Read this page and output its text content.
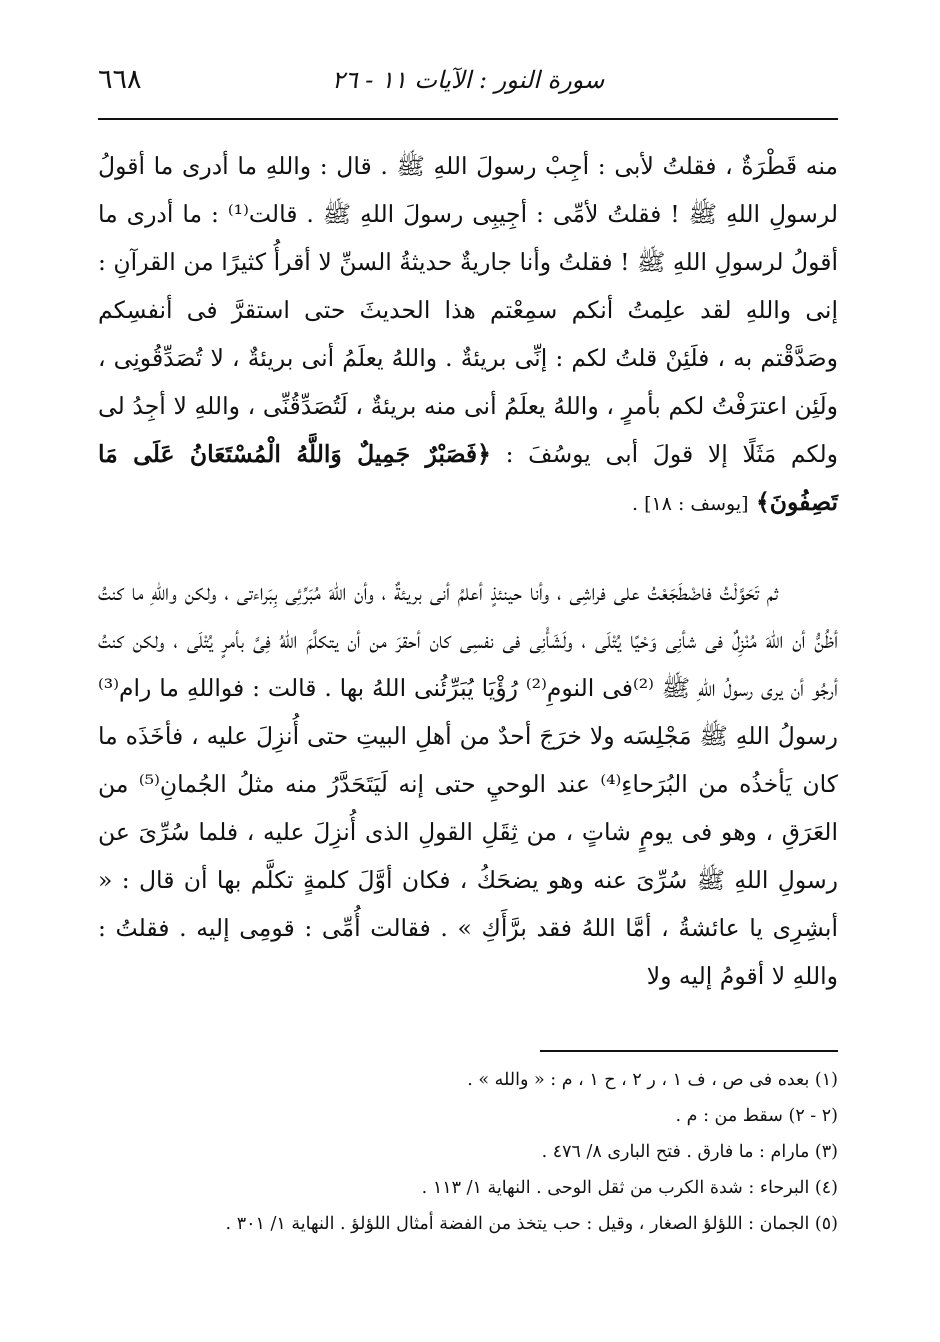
سورة النور : الآيات ١١ - ٢٦
٦٦٨

منه قَطْرَةٌ ، فقلتُ لأبى : أجِبْ رسولَ اللهِ ﷺ . قال : واللهِ ما أدرى ما أقولُ لرسولِ اللهِ ﷺ ! فقلتُ لأمِّى : أجِيبِى رسولَ اللهِ ﷺ . قالت⁽¹⁾ : ما أدرى ما أقولُ لرسولِ اللهِ ﷺ ! فقلتُ وأنا جاريةٌ حديثةُ السنِّ لا أقرأُ كثيرًا من القرآنِ : إنى واللهِ لقد علِمتُ أنكم سمِعْتم هذا الحديثَ حتى استقرَّ فى أنفسِكم وصَدَّقْتم به ، فلَئِنْ قلتُ لكم : إنِّى بريئةٌ . واللهُ يعلَمُ أنى بريئةٌ ، لا تُصَدِّقُونِى ، ولَئِن اعترَفْتُ لكم بأمرٍ ، واللهُ يعلَمُ أنى منه بريئةٌ ، لَتُصَدِّقُنِّى ، واللهِ لا أجِدُ لى ولكم مَثَلًا إلا قولَ أبى يوسُفَ : ﴿فَصَبْرٌ جَمِيلٌ وَاللَّهُ الْمُسْتَعَانُ عَلَى مَا تَصِفُونَ﴾ [يوسف : ١٨] .

ثم تَحَوَّلْتُ فاضْطَجَعْتُ على فراشِى ، وأنا حينئذٍ أعلمُ أنى بريئةٌ ، وأن اللهَ مُبَرِّئِى بِبَراءتى ، ولكن واللهِ ما كنتُ أظُنُّ أن اللهَ مُنْزِلٌ فى شأنِى وَحْيًا يُتْلَى ، ولَشَأْنِى فى نفسِى كان أحقرَ من أن يتكلَّمَ اللهُ فِىَّ بأمرٍ يُتْلَى ، ولكن كنتُ أرجُو أن يرى رسولُ اللهِ ﷺ ⁽²⁾فى النومِ⁽²⁾ رُؤْيَا يُبَرِّئُنى اللهُ بها . قالت : فواللهِ ما رام⁽³⁾ رسولُ اللهِ ﷺ مَجْلِسَه ولا خرَجَ أحدٌ من أهلِ البيتِ حتى أُنزِلَ عليه ، فأخَذَه ما كان يَأخذُه من البُرَحاءِ⁽⁴⁾ عند الوحيِ حتى إنه لَيَتَحَدَّرُ منه مثلُ الجُمانِ⁽⁵⁾ من العَرَقِ ، وهو فى يومٍ شاتٍ ، من ثِقَلِ القولِ الذى أُنزِلَ عليه ، فلما سُرِّىَ عن رسولِ اللهِ ﷺ سُرِّىَ عنه وهو يضحَكُ ، فكان أوَّلَ كلمةٍ تكلَّم بها أن قال : « أبشِرِى يا عائشةُ ، أمَّا اللهُ فقد برَّأَكِ » . فقالت أُمِّى : قومِى إليه . فقلتُ : واللهِ لا أقومُ إليه ولا

(١) بعده فى ص ، ف ١ ، ر ٢ ، ح ١ ، م : « والله » .
(٢ - ٢) سقط من : م .
(٣) مارام : ما فارق . فتح البارى ٨/ ٤٧٦ .
(٤) البرحاء : شدة الكرب من ثقل الوحى . النهاية ١/ ١١٣ .
(٥) الجمان : اللؤلؤ الصغار ، وقيل : حب يتخذ من الفضة أمثال اللؤلؤ . النهاية ١/ ٣٠١ .
